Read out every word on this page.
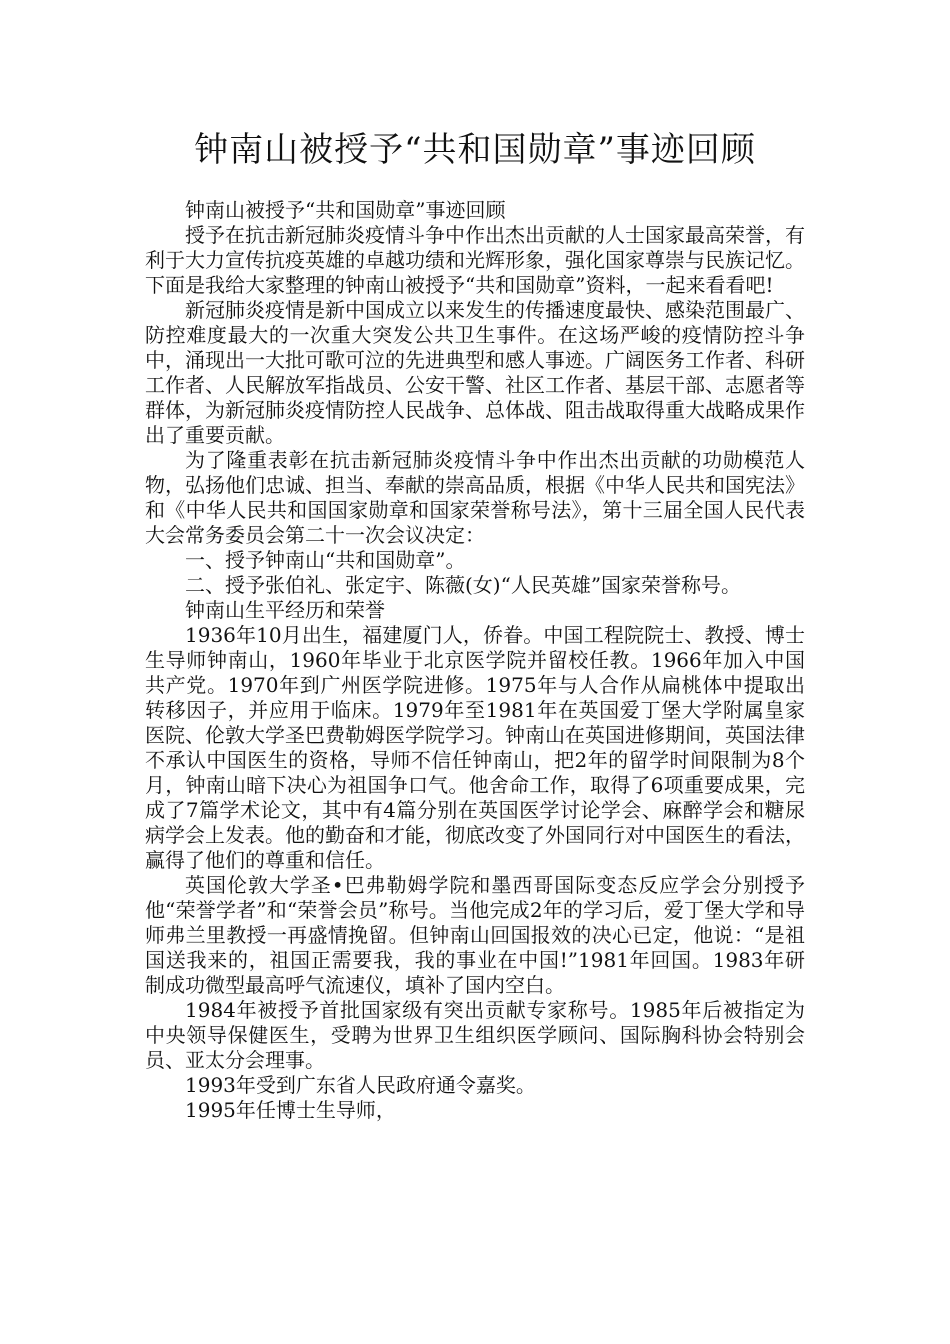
钟南山被授予“共和国勋章”事迹回顾

钟南山被授予“共和国勋章”事迹回顾

授予在抗击新冠肺炎疫情斗争中作出杰出贡献的人士国家最高荣誉，有利于大力宣传抗疫英雄的卓越功绩和光辉形象，强化国家尊崇与民族记忆。下面是我给大家整理的钟南山被授予“共和国勋章”资料，一起来看看吧!

新冠肺炎疫情是新中国成立以来发生的传播速度最快、感染范围最广、防控难度最大的一次重大突发公共卫生事件。在这场严峻的疫情防控斗争中，涌现出一大批可歌可泣的先进典型和感人事迹。广阔医务工作者、科研工作者、人民解放军指战员、公安干警、社区工作者、基层干部、志愿者等群体，为新冠肺炎疫情防控人民战争、总体战、阻击战取得重大战略成果作出了重要贡献。

为了隆重表彰在抗击新冠肺炎疫情斗争中作出杰出贡献的功勋模范人物，弘扬他们忠诚、担当、奉献的崇高品质，根据《中华人民共和国宪法》和《中华人民共和国国家勋章和国家荣誉称号法》，第十三届全国人民代表大会常务委员会第二十一次会议决定：

一、授予钟南山“共和国勋章”。

二、授予张伯礼、张定宇、陈薇(女)“人民英雄”国家荣誉称号。

钟南山生平经历和荣誉

1936年10月出生，福建厦门人，侨眷。中国工程院院士、教授、博士生导师钟南山，1960年毕业于北京医学院并留校任教。1966年加入中国共产党。1970年到广州医学院进修。1975年与人合作从扁桃体中提取出转移因子，并应用于临床。1979年至1981年在英国爱丁堡大学附属皇家医院、伦敦大学圣巴费勒姆医学院学习。钟南山在英国进修期间，英国法律不承认中国医生的资格，导师不信任钟南山，把2年的留学时间限制为8个月，钟南山暗下决心为祖国争口气。他舍命工作，取得了6项重要成果，完成了7篇学术论文，其中有4篇分别在英国医学讨论学会、麻醉学会和糖尿病学会上发表。他的勤奋和才能，彻底改变了外国同行对中国医生的看法，赢得了他们的尊重和信任。

英国伦敦大学圣•巴弗勒姆学院和墨西哥国际变态反应学会分别授予他“荣誉学者”和“荣誉会员”称号。当他完成2年的学习后，爱丁堡大学和导师弗兰里教授一再盛情挽留。但钟南山回国报效的决心已定，他说：“是祖国送我来的，祖国正需要我，我的事业在中国!”1981年回国。1983年研制成功微型最高呼气流速仪，填补了国内空白。

1984年被授予首批国家级有突出贡献专家称号。1985年后被指定为中央领导保健医生，受聘为世界卫生组织医学顾问、国际胸科协会特别会员、亚太分会理事。

1993年受到广东省人民政府通令嘉奖。

1995年任博士生导师，
